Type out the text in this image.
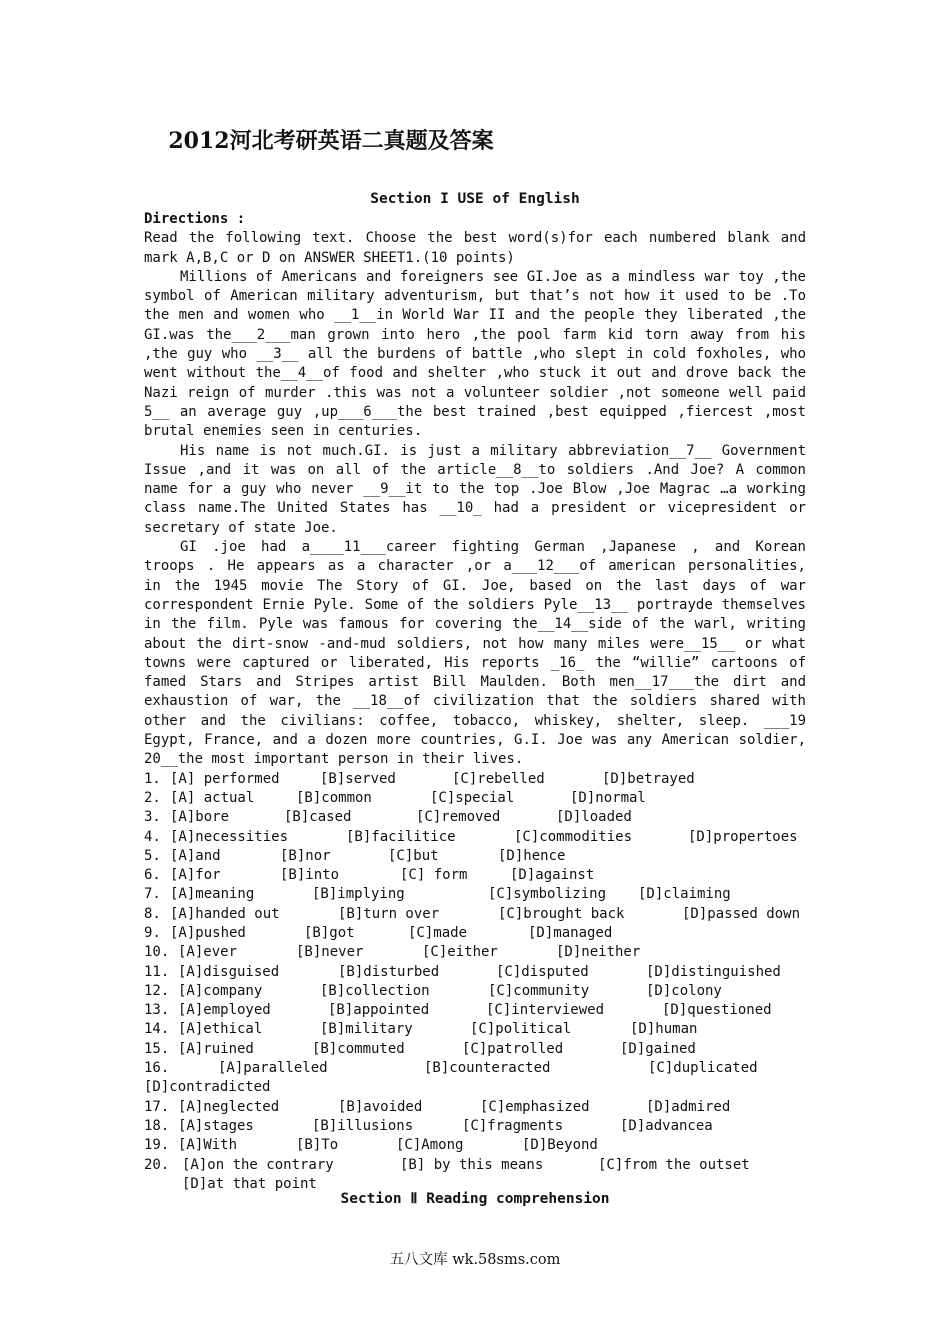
2012河北考研英语二真题及答案
Section I USE of English
Directions :
Read the following text. Choose the best word(s)for each numbered blank and
mark A,B,C or D on ANSWER SHEET1.(10 points)
Millions of Americans and foreigners see GI.Joe as a mindless war toy ,the
symbol of American military adventurism, but that’s not how it used to be .To
the men and women who __1__in World War II and the people they liberated ,the
GI.was the___2___man grown into hero ,the pool farm kid torn away from his
,the guy who __3__ all the burdens of battle ,who slept in cold foxholes, who
went without the__4__of food and shelter ,who stuck it out and drove back the
Nazi reign of murder .this was not a volunteer soldier ,not someone well paid
5__ an average guy ,up___6___the best trained ,best equipped ,fiercest ,most
brutal enemies seen in centuries.
His name is not much.GI. is just a military abbreviation__7__ Government
Issue ,and it was on all of the article__8__to soldiers .And Joe? A common
name for a guy who never __9__it to the top .Joe Blow ,Joe Magrac …a working
class name.The United States has __10_ had a president or vicepresident or
secretary of state Joe.
GI .joe had a____11___career fighting German ,Japanese , and Korean
troops . He appears as a character ,or a___12___of american personalities,
in the 1945 movie The Story of GI. Joe, based on the last days of war
correspondent Ernie Pyle. Some of the soldiers Pyle__13__ portrayde themselves
in the film. Pyle was famous for covering the__14__side of the warl, writing
about the dirt-snow -and-mud soldiers, not how many miles were__15__ or what
towns were captured or liberated, His reports _16_ the “willie” cartoons of
famed Stars and Stripes artist Bill Maulden. Both men__17___the dirt and
exhaustion of war, the __18__of civilization that the soldiers shared with
other and the civilians: coffee, tobacco, whiskey, shelter, sleep. ___19
Egypt, France, and a dozen more countries, G.I. Joe was any American soldier,
20__the most important person in their lives.
1. [A] performed	[B]served	[C]rebelled	[D]betrayed
2. [A] actual	[B]common	[C]special	[D]normal
3. [A]bore	[B]cased	[C]removed	[D]loaded
4. [A]necessities	[B]facilitice	[C]commodities	[D]propertoes
5. [A]and	[B]nor	[C]but	[D]hence
6. [A]for	[B]into	[C] form	[D]against
7. [A]meaning	[B]implying	[C]symbolizing	[D]claiming
8. [A]handed out	[B]turn over	[C]brought back	[D]passed down
9. [A]pushed	[B]got	[C]made	[D]managed
10. [A]ever	[B]never	[C]either	[D]neither
11. [A]disguised	[B]disturbed	[C]disputed	[D]distinguished
12. [A]company	[B]collection	[C]community	[D]colony
13. [A]employed	[B]appointed	[C]interviewed	[D]questioned
14. [A]ethical	[B]military	[C]political	[D]human
15. [A]ruined	[B]commuted	[C]patrolled	[D]gained
16.	[A]paralleled	[B]counteracted	[C]duplicated
[D]contradicted
17. [A]neglected	[B]avoided	[C]emphasized	[D]admired
18. [A]stages	[B]illusions	[C]fragments	[D]advancea
19. [A]With	[B]To	[C]Among	[D]Beyond
20. [A]on the contrary	[B] by this means	[C]from the outset
[D]at that point
Section Ⅱ Reading comprehension
五八文库 wk.58sms.com
